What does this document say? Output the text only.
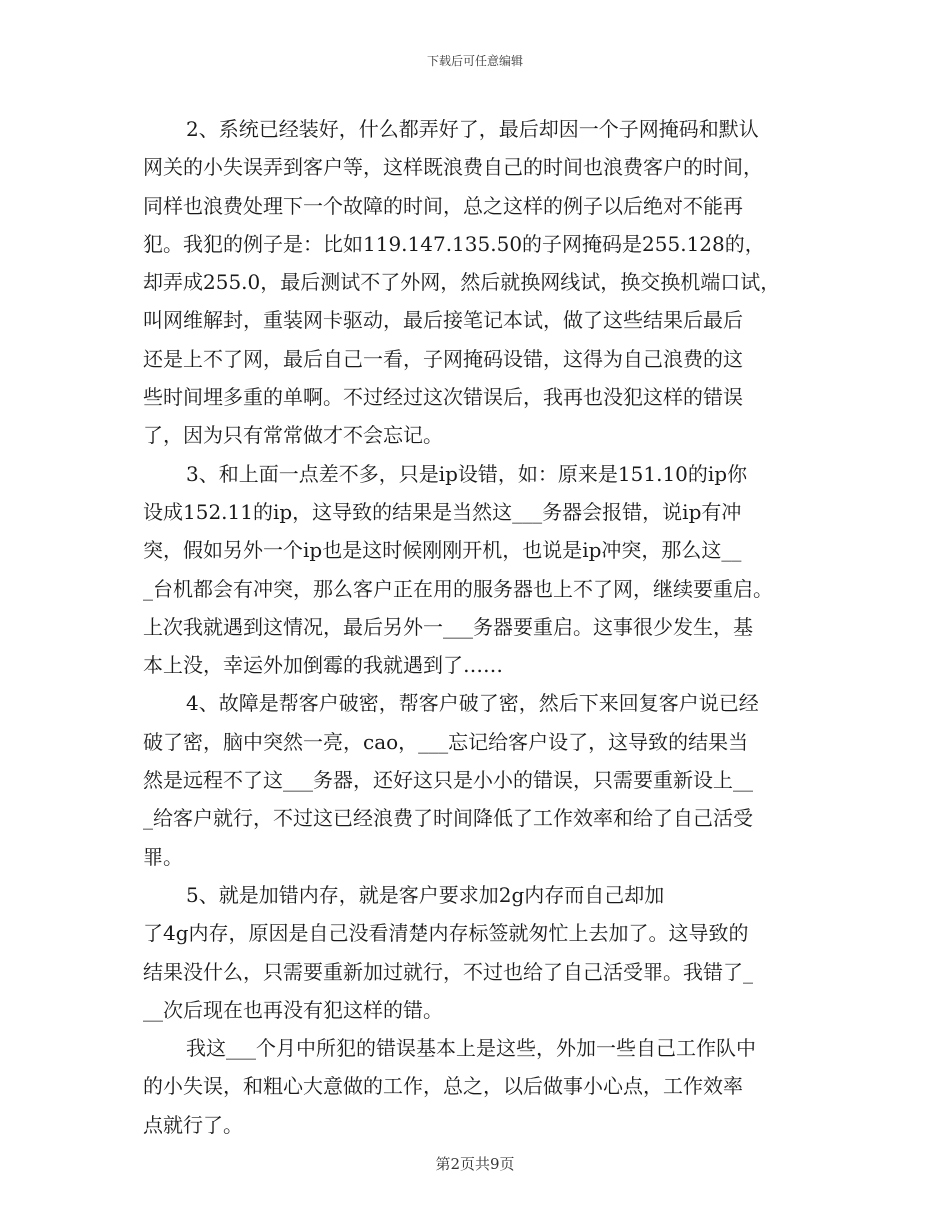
下载后可任意编辑
2、系统已经装好，什么都弄好了，最后却因一个子网掩码和默认
网关的小失误弄到客户等，这样既浪费自己的时间也浪费客户的时间，
同样也浪费处理下一个故障的时间，总之这样的例子以后绝对不能再
犯。我犯的例子是：比如119.147.135.50的子网掩码是255.128的，
却弄成255.0，最后测试不了外网，然后就换网线试，换交换机端口试，
叫网维解封，重装网卡驱动，最后接笔记本试，做了这些结果后最后
还是上不了网，最后自己一看，子网掩码设错，这得为自己浪费的这
些时间埋多重的单啊。不过经过这次错误后，我再也没犯这样的错误
了，因为只有常常做才不会忘记。
3、和上面一点差不多，只是ip设错，如：原来是151.10的ip你
设成152.11的ip，这导致的结果是当然这___务器会报错，说ip有冲
突，假如另外一个ip也是这时候刚刚开机，也说是ip冲突，那么这__
_台机都会有冲突，那么客户正在用的服务器也上不了网，继续要重启。
上次我就遇到这情况，最后另外一___务器要重启。这事很少发生，基
本上没，幸运外加倒霉的我就遇到了……
4、故障是帮客户破密，帮客户破了密，然后下来回复客户说已经
破了密，脑中突然一亮，cao，___忘记给客户设了，这导致的结果当
然是远程不了这___务器，还好这只是小小的错误，只需要重新设上__
_给客户就行，不过这已经浪费了时间降低了工作效率和给了自己活受
罪。
5、就是加错内存，就是客户要求加2g内存而自己却加
了4g内存，原因是自己没看清楚内存标签就匆忙上去加了。这导致的
结果没什么，只需要重新加过就行，不过也给了自己活受罪。我错了_
__次后现在也再没有犯这样的错。
我这___个月中所犯的错误基本上是这些，外加一些自己工作队中
的小失误，和粗心大意做的工作，总之，以后做事小心点，工作效率
点就行了。
第2页共9页
